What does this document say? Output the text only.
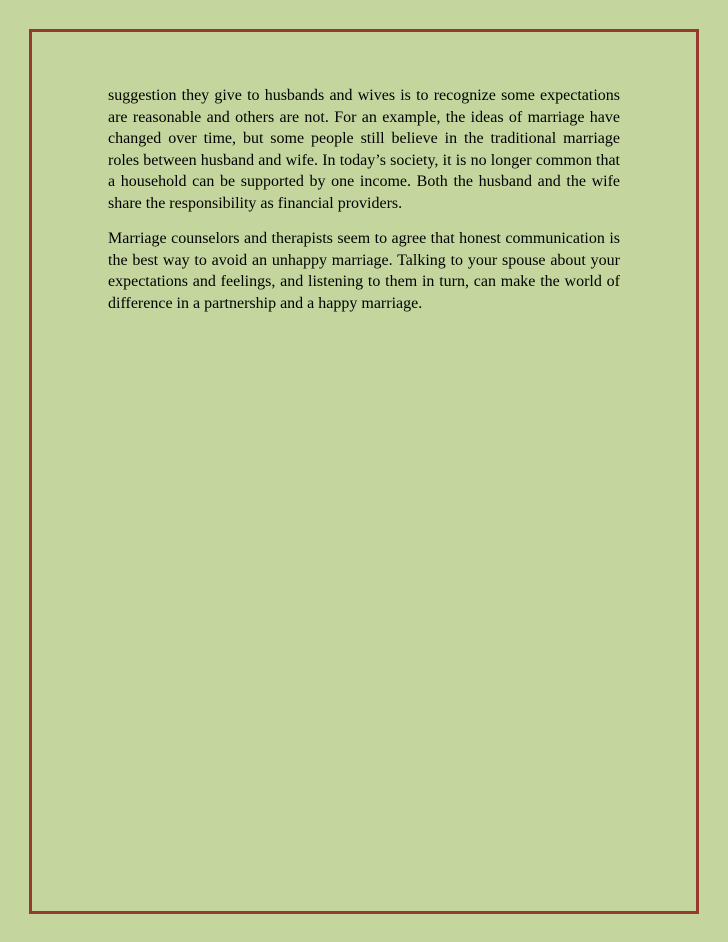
suggestion they give to husbands and wives is to recognize some expectations are reasonable and others are not. For an example, the ideas of marriage have changed over time, but some people still believe in the traditional marriage roles between husband and wife. In today’s society, it is no longer common that a household can be supported by one income. Both the husband and the wife share the responsibility as financial providers.

Marriage counselors and therapists seem to agree that honest communication is the best way to avoid an unhappy marriage. Talking to your spouse about your expectations and feelings, and listening to them in turn, can make the world of difference in a partnership and a happy marriage.
